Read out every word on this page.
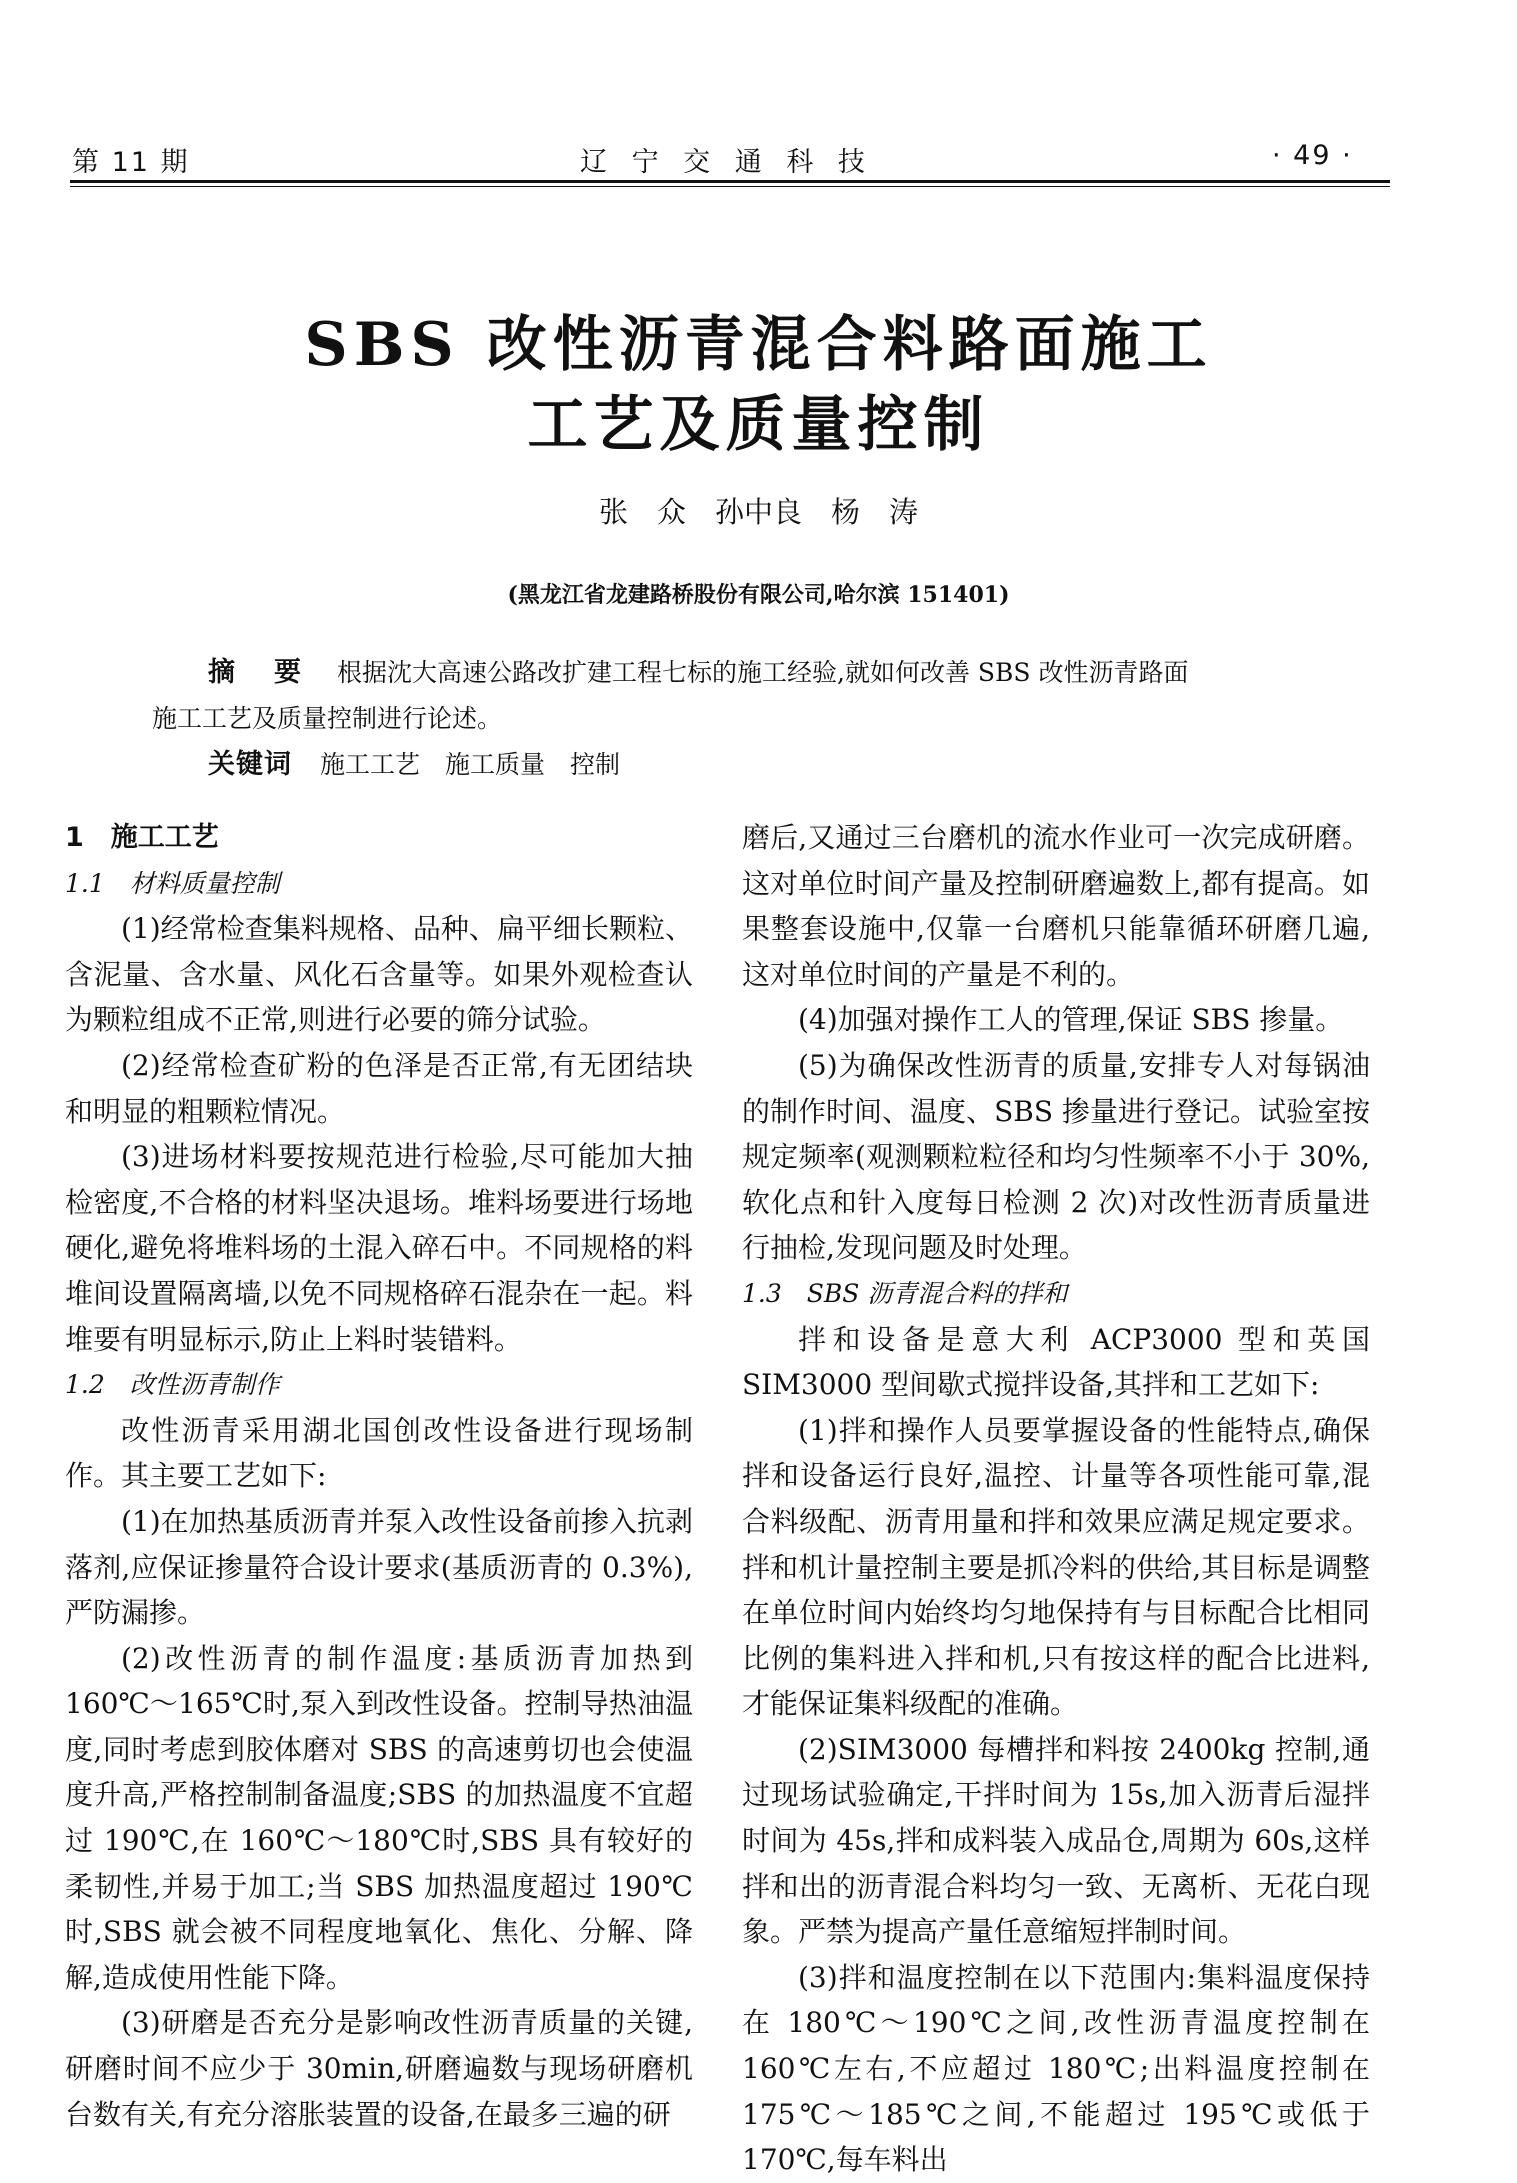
第 11 期	辽 宁 交 通 科 技	· 49 ·
SBS 改性沥青混合料路面施工
工艺及质量控制
张　众　孙中良　杨　涛
(黑龙江省龙建路桥股份有限公司,哈尔滨 151401)
摘　要 根据沈大高速公路改扩建工程七标的施工经验,就如何改善 SBS 改性沥青路面
施工工艺及质量控制进行论述。
关键词 施工工艺　施工质量　控制

1　施工工艺

1.1　材料质量控制

(1)经常检查集料规格、品种、扁平细长颗粒、含泥量、含水量、风化石含量等。如果外观检查认为颗粒组成不正常,则进行必要的筛分试验。

(2)经常检查矿粉的色泽是否正常,有无团结块和明显的粗颗粒情况。

(3)进场材料要按规范进行检验,尽可能加大抽检密度,不合格的材料坚决退场。堆料场要进行场地硬化,避免将堆料场的土混入碎石中。不同规格的料堆间设置隔离墙,以免不同规格碎石混杂在一起。料堆要有明显标示,防止上料时装错料。

1.2　改性沥青制作

改性沥青采用湖北国创改性设备进行现场制作。其主要工艺如下:

(1)在加热基质沥青并泵入改性设备前掺入抗剥落剂,应保证掺量符合设计要求(基质沥青的 0.3%),严防漏掺。

(2)改性沥青的制作温度:基质沥青加热到 160℃～165℃时,泵入到改性设备。控制导热油温度,同时考虑到胶体磨对 SBS 的高速剪切也会使温度升高,严格控制制备温度;SBS 的加热温度不宜超过 190℃,在 160℃～180℃时,SBS 具有较好的柔韧性,并易于加工;当 SBS 加热温度超过 190℃时,SBS 就会被不同程度地氧化、焦化、分解、降解,造成使用性能下降。

(3)研磨是否充分是影响改性沥青质量的关键,研磨时间不应少于 30min,研磨遍数与现场研磨机台数有关,有充分溶胀装置的设备,在最多三遍的研

磨后,又通过三台磨机的流水作业可一次完成研磨。这对单位时间产量及控制研磨遍数上,都有提高。如果整套设施中,仅靠一台磨机只能靠循环研磨几遍,这对单位时间的产量是不利的。

(4)加强对操作工人的管理,保证 SBS 掺量。

(5)为确保改性沥青的质量,安排专人对每锅油的制作时间、温度、SBS 掺量进行登记。试验室按规定频率(观测颗粒粒径和均匀性频率不小于 30%,软化点和针入度每日检测 2 次)对改性沥青质量进行抽检,发现问题及时处理。

1.3　SBS 沥青混合料的拌和

拌和设备是意大利 ACP3000 型和英国 SIM3000 型间歇式搅拌设备,其拌和工艺如下:

(1)拌和操作人员要掌握设备的性能特点,确保拌和设备运行良好,温控、计量等各项性能可靠,混合料级配、沥青用量和拌和效果应满足规定要求。拌和机计量控制主要是抓冷料的供给,其目标是调整在单位时间内始终均匀地保持有与目标配合比相同比例的集料进入拌和机,只有按这样的配合比进料,才能保证集料级配的准确。

(2)SIM3000 每槽拌和料按 2400kg 控制,通过现场试验确定,干拌时间为 15s,加入沥青后湿拌时间为 45s,拌和成料装入成品仓,周期为 60s,这样拌和出的沥青混合料均匀一致、无离析、无花白现象。严禁为提高产量任意缩短拌制时间。

(3)拌和温度控制在以下范围内:集料温度保持在 180℃～190℃之间,改性沥青温度控制在 160℃左右,不应超过 180℃;出料温度控制在 175℃～185℃之间,不能超过 195℃或低于 170℃,每车料出
